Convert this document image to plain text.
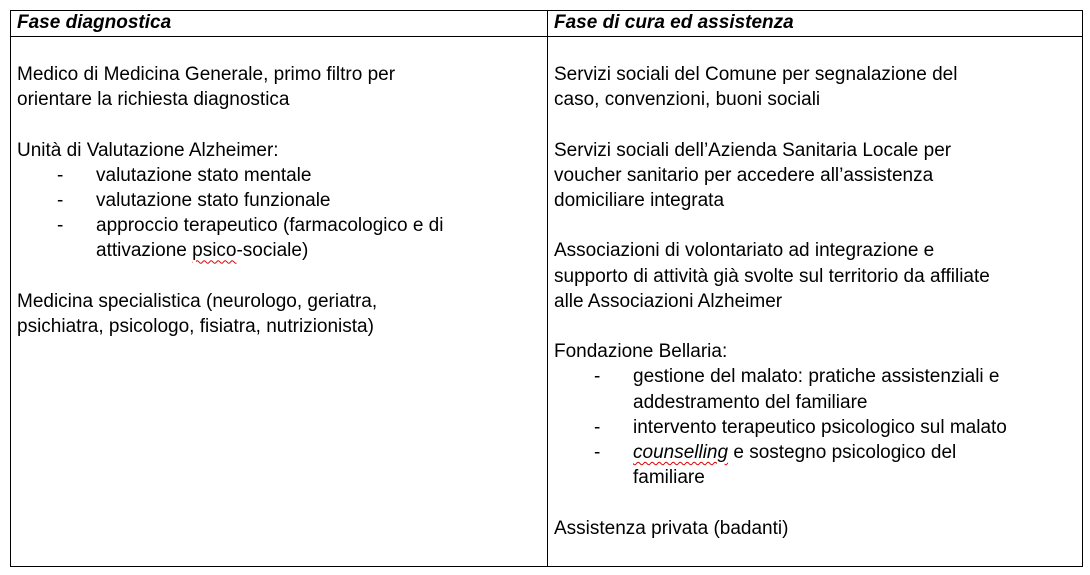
Fase diagnostica	Fase di cura ed assistenza

Medico di Medicina Generale, primo filtro per

orientare la richiesta diagnostica

Unità di Valutazione Alzheimer:

- valutazione stato mentale
- valutazione stato funzionale
- approccio terapeutico (farmacologico e di
attivazione psico-sociale)

Medicina specialistica (neurologo, geriatra,

psichiatra, psicologo, fisiatra, nutrizionista)

Servizi sociali del Comune per segnalazione del

caso, convenzioni, buoni sociali

Servizi sociali dell’Azienda Sanitaria Locale per

voucher sanitario per accedere all’assistenza

domiciliare integrata

Associazioni di volontariato ad integrazione e

supporto di attività già svolte sul territorio da affiliate

alle Associazioni Alzheimer

Fondazione Bellaria:

- gestione del malato: pratiche assistenziali e
addestramento del familiare
- intervento terapeutico psicologico sul malato
- counselling e sostegno psicologico del
familiare

Assistenza privata (badanti)
